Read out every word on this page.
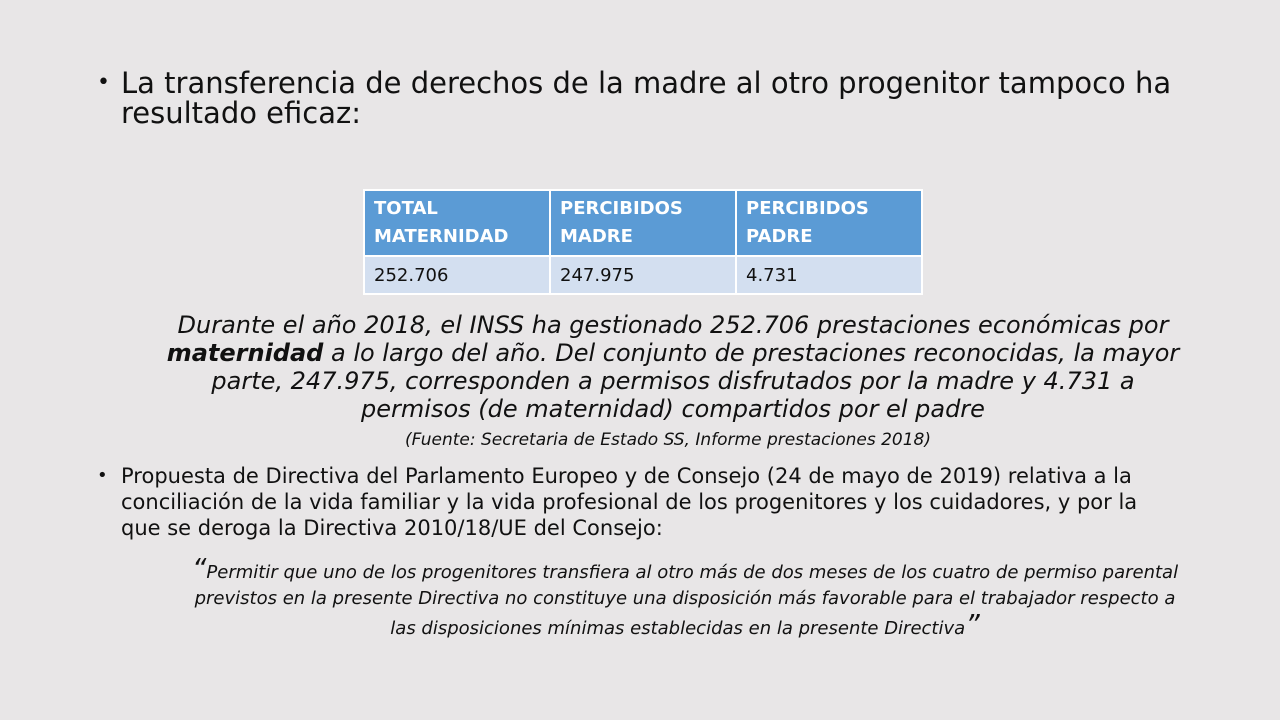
• La transferencia de derechos de la madre al otro progenitor tampoco ha resultado eficaz:
TOTAL MATERNIDAD	PERCIBIDOS MADRE	PERCIBIDOS PADRE
252.706	247.975	4.731
Durante el año 2018, el INSS ha gestionado 252.706 prestaciones económicas por maternidad a lo largo del año. Del conjunto de prestaciones reconocidas, la mayor parte, 247.975, corresponden a permisos disfrutados por la madre y 4.731 a permisos (de maternidad) compartidos por el padre
(Fuente: Secretaria de Estado SS, Informe prestaciones 2018)
• Propuesta de Directiva del Parlamento Europeo y de Consejo (24 de mayo de 2019) relativa a la conciliación de la vida familiar y la vida profesional de los progenitores y los cuidadores, y por la que se deroga la Directiva 2010/18/UE del Consejo:
“Permitir que uno de los progenitores transfiera al otro más de dos meses de los cuatro de permiso parental previstos en la presente Directiva no constituye una disposición más favorable para el trabajador respecto a las disposiciones mínimas establecidas en la presente Directiva”
